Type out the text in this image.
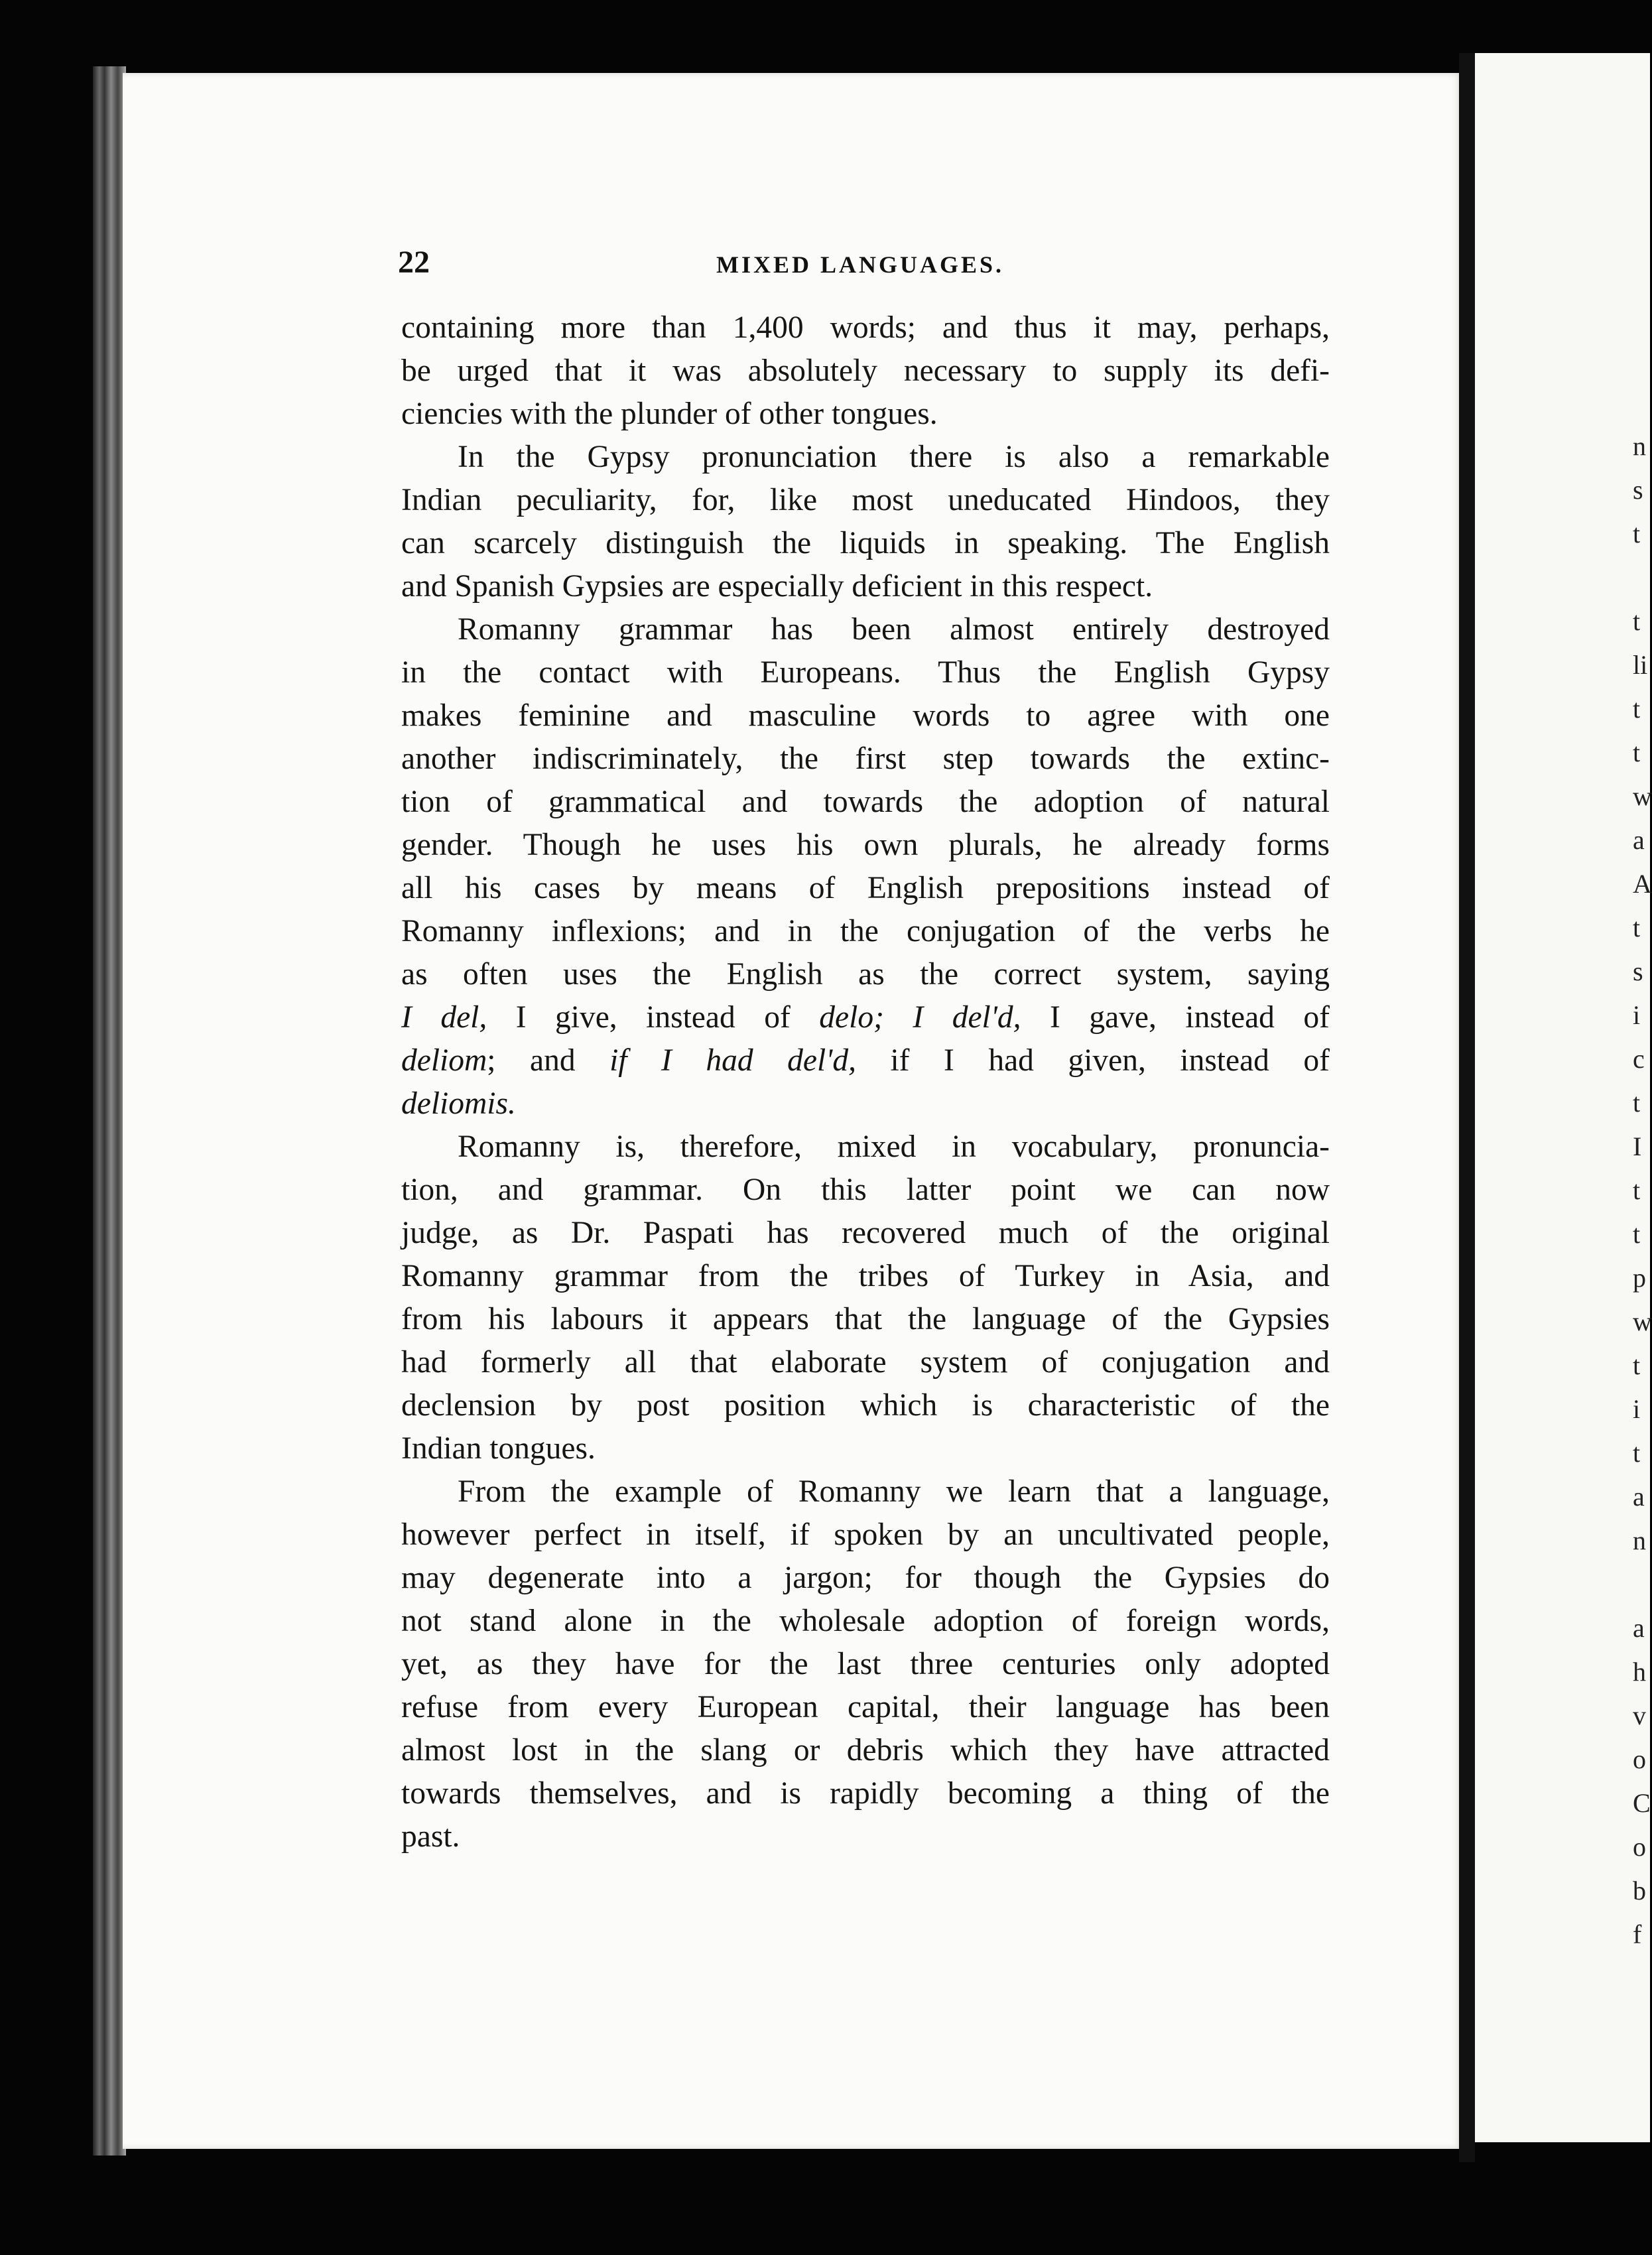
n
s
t
t
li
t
t
w
a
A
t
s
i
c
t
I
t
t
p
w
t
i
t
a
n
a
h
v
o
C
o
b
f
22	MIXED LANGUAGES.
containing more than 1,400 words; and thus it may, perhaps,
be urged that it was absolutely necessary to supply its defi-
ciencies with the plunder of other tongues.
In the Gypsy pronunciation there is also a remarkable
Indian peculiarity, for, like most uneducated Hindoos, they
can scarcely distinguish the liquids in speaking. The English
and Spanish Gypsies are especially deficient in this respect.
Romanny grammar has been almost entirely destroyed
in the contact with Europeans. Thus the English Gypsy
makes feminine and masculine words to agree with one
another indiscriminately, the first step towards the extinc-
tion of grammatical and towards the adoption of natural
gender. Though he uses his own plurals, he already forms
all his cases by means of English prepositions instead of
Romanny inflexions; and in the conjugation of the verbs he
as often uses the English as the correct system, saying
I del, I give, instead of delo; I del'd, I gave, instead of
deliom; and if I had del'd, if I had given, instead of
deliomis.
Romanny is, therefore, mixed in vocabulary, pronuncia-
tion, and grammar. On this latter point we can now
judge, as Dr. Paspati has recovered much of the original
Romanny grammar from the tribes of Turkey in Asia, and
from his labours it appears that the language of the Gypsies
had formerly all that elaborate system of conjugation and
declension by post position which is characteristic of the
Indian tongues.
From the example of Romanny we learn that a language,
however perfect in itself, if spoken by an uncultivated people,
may degenerate into a jargon; for though the Gypsies do
not stand alone in the wholesale adoption of foreign words,
yet, as they have for the last three centuries only adopted
refuse from every European capital, their language has been
almost lost in the slang or debris which they have attracted
towards themselves, and is rapidly becoming a thing of the
past.
